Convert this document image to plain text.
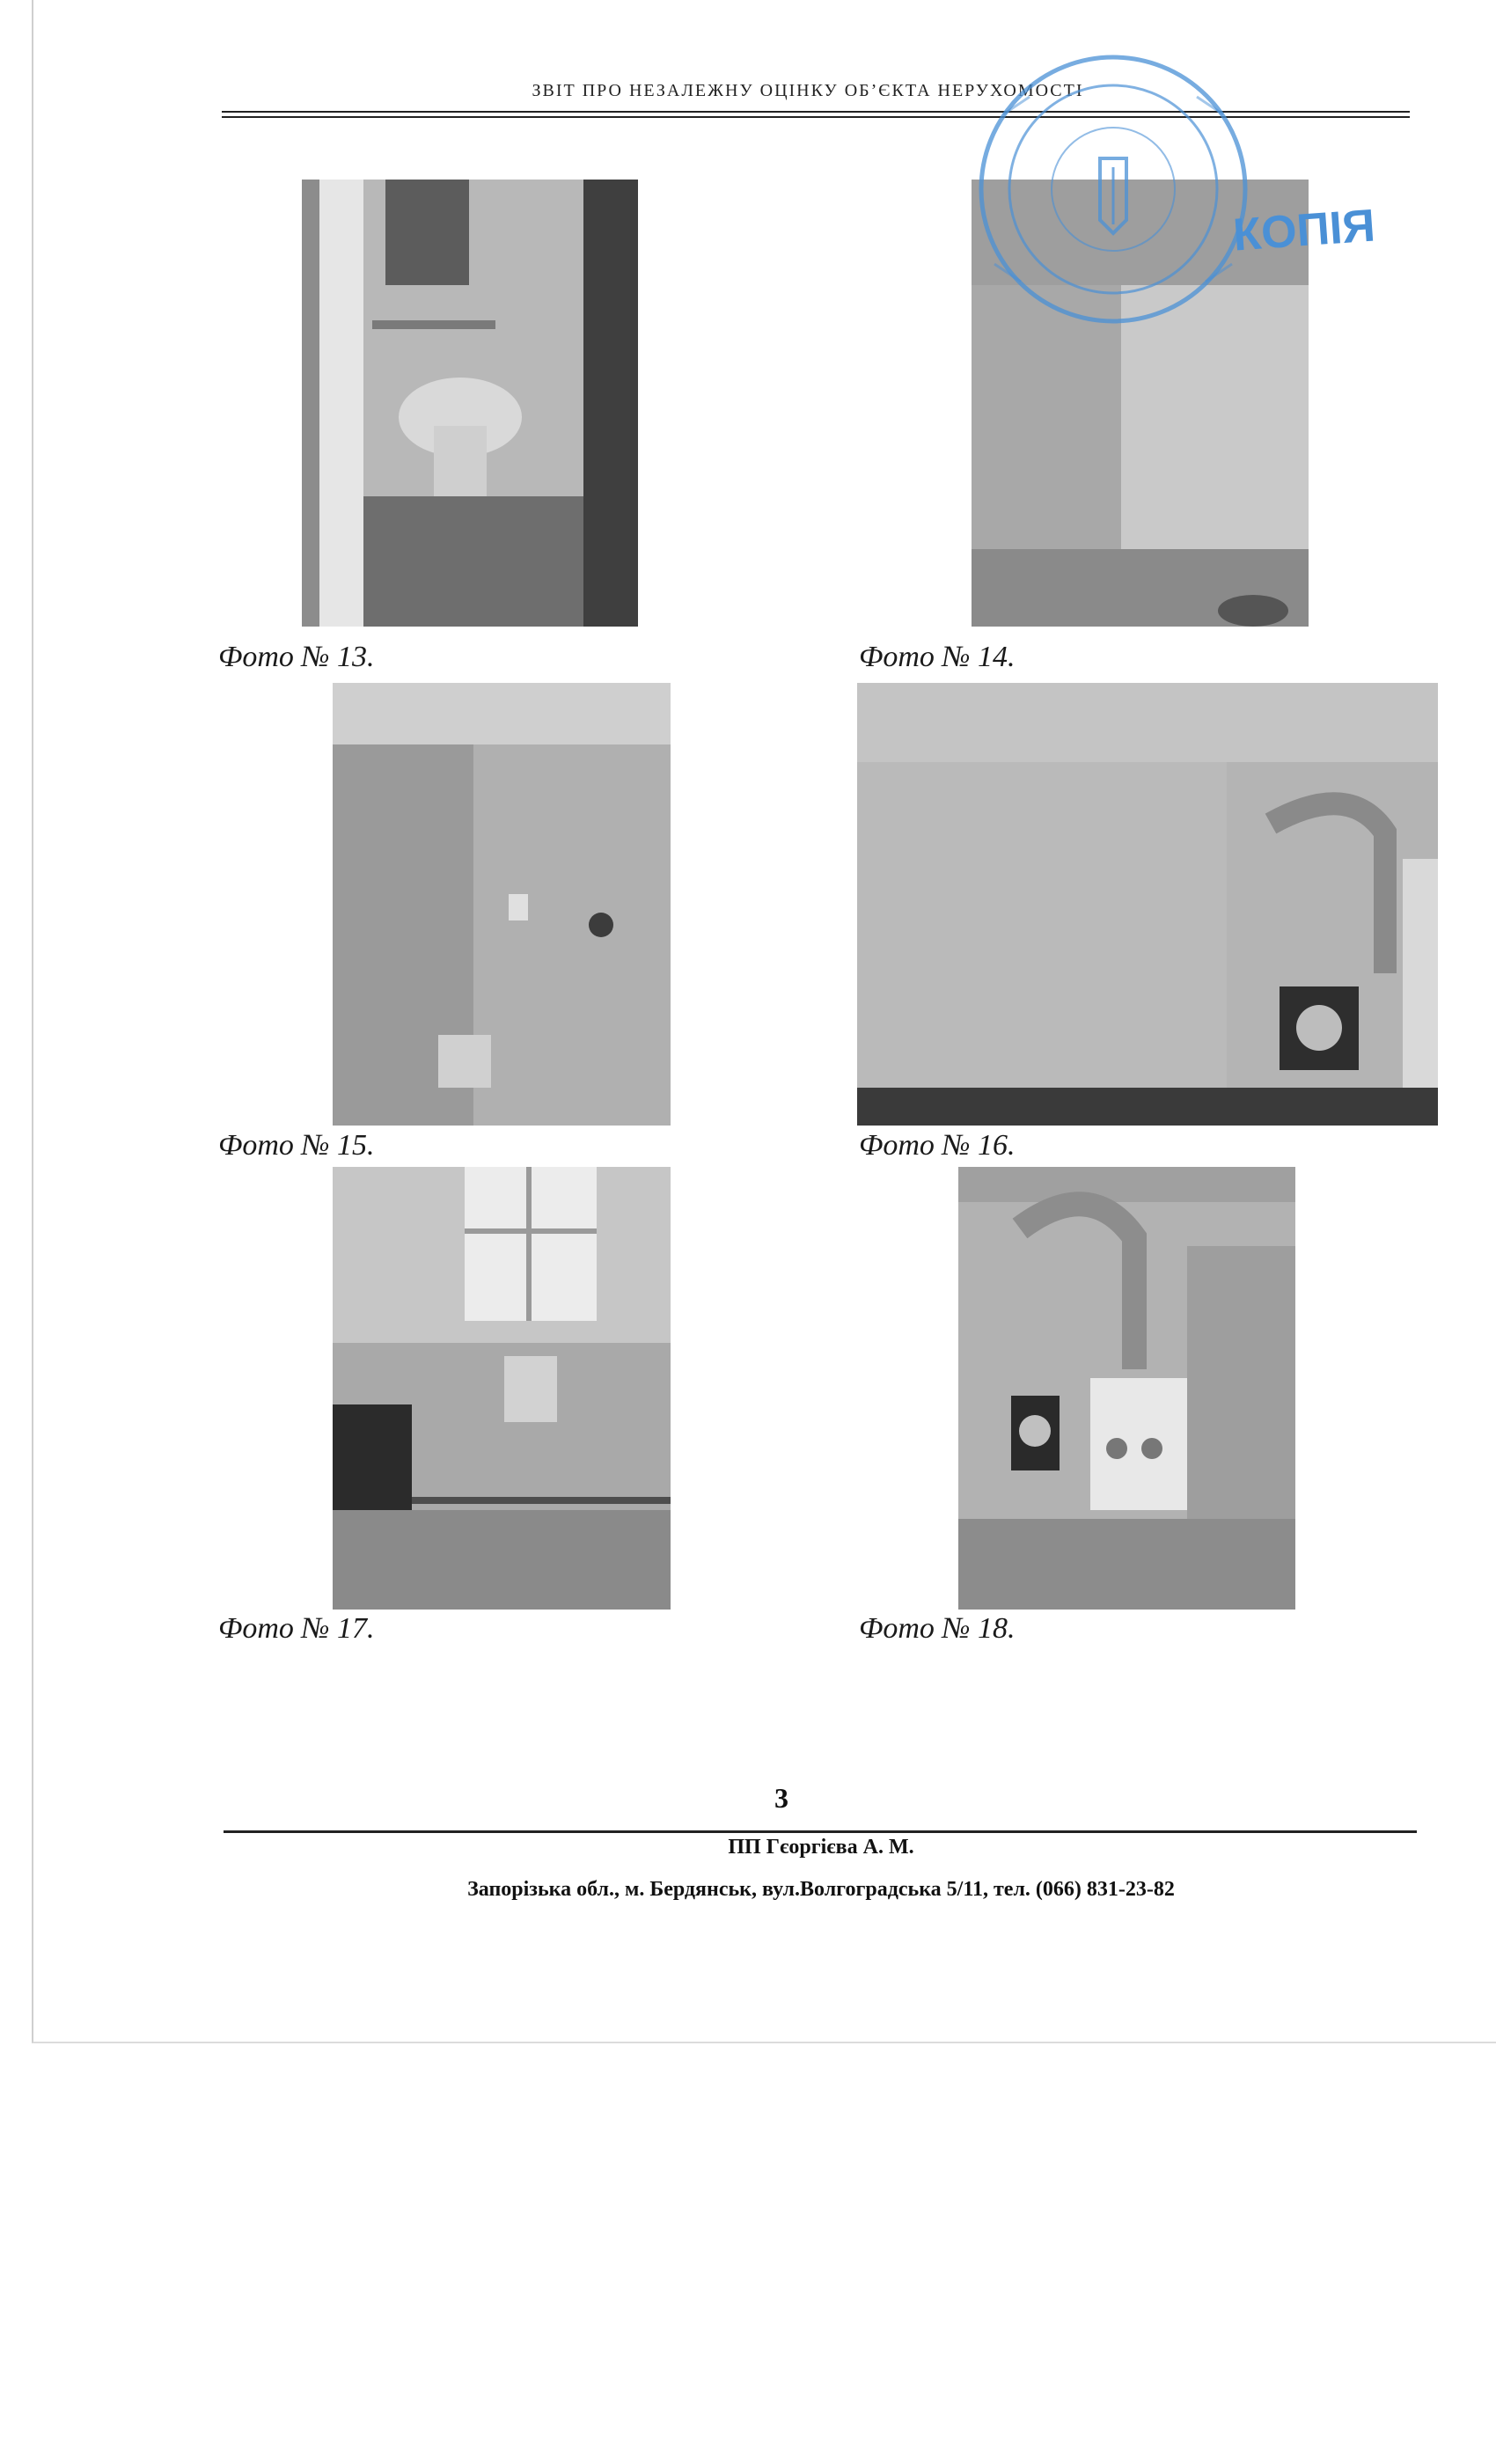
ЗВІТ ПРО НЕЗАЛЕЖНУ ОЦІНКУ ОБ’ЄКТА НЕРУХОМОСТІ
Фото № 13.	Фото № 14.
Фото № 15.	Фото № 16.
Фото № 17.	Фото № 18.
3
ПП Гєоргієва А. М.
Запорізька обл., м. Бердянськ, вул.Волгоградська 5/11, тел. (066) 831-23-82
КОПІЯ
